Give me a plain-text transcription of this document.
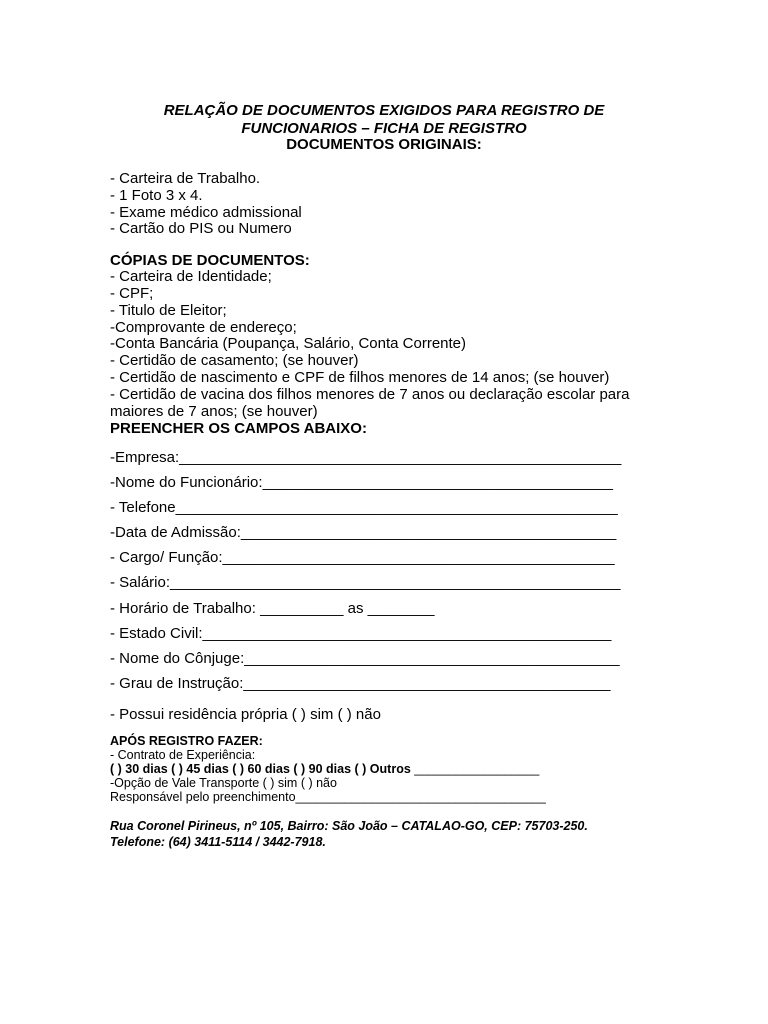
RELAÇÃO DE DOCUMENTOS EXIGIDOS PARA REGISTRO DE
FUNCIONARIOS – FICHA DE REGISTRO
DOCUMENTOS ORIGINAIS:
- Carteira de Trabalho.
- 1 Foto 3 x 4.
- Exame médico admissional
- Cartão do PIS ou Numero
CÓPIAS DE DOCUMENTOS:
- Carteira de Identidade;
- CPF;
- Titulo de Eleitor;
-Comprovante de endereço;
-Conta Bancária (Poupança, Salário, Conta Corrente)
- Certidão de casamento; (se houver)
- Certidão de nascimento e CPF de filhos menores de 14 anos; (se houver)
- Certidão de vacina dos filhos menores de 7 anos ou declaração escolar para
maiores de 7 anos; (se houver)
PREENCHER OS CAMPOS ABAIXO:
-Empresa:_____________________________________________________
-Nome do Funcionário:__________________________________________
- Telefone_____________________________________________________
-Data de Admissão:_____________________________________________
- Cargo/ Função:_______________________________________________
- Salário:______________________________________________________
- Horário de Trabalho: __________ as ________
- Estado Civil:_________________________________________________
- Nome do Cônjuge:_____________________________________________
- Grau de Instrução:____________________________________________
- Possui residência própria ( ) sim ( ) não
APÓS REGISTRO FAZER:
- Contrato de Experiência:
( ) 30 dias ( ) 45 dias ( ) 60 dias ( ) 90 dias ( ) Outros __________________
-Opção de Vale Transporte ( ) sim ( ) não
Responsável pelo preenchimento____________________________________
Rua Coronel Pirineus, nº 105, Bairro: São João – CATALAO-GO, CEP: 75703-250.
Telefone: (64) 3411-5114 / 3442-7918.
